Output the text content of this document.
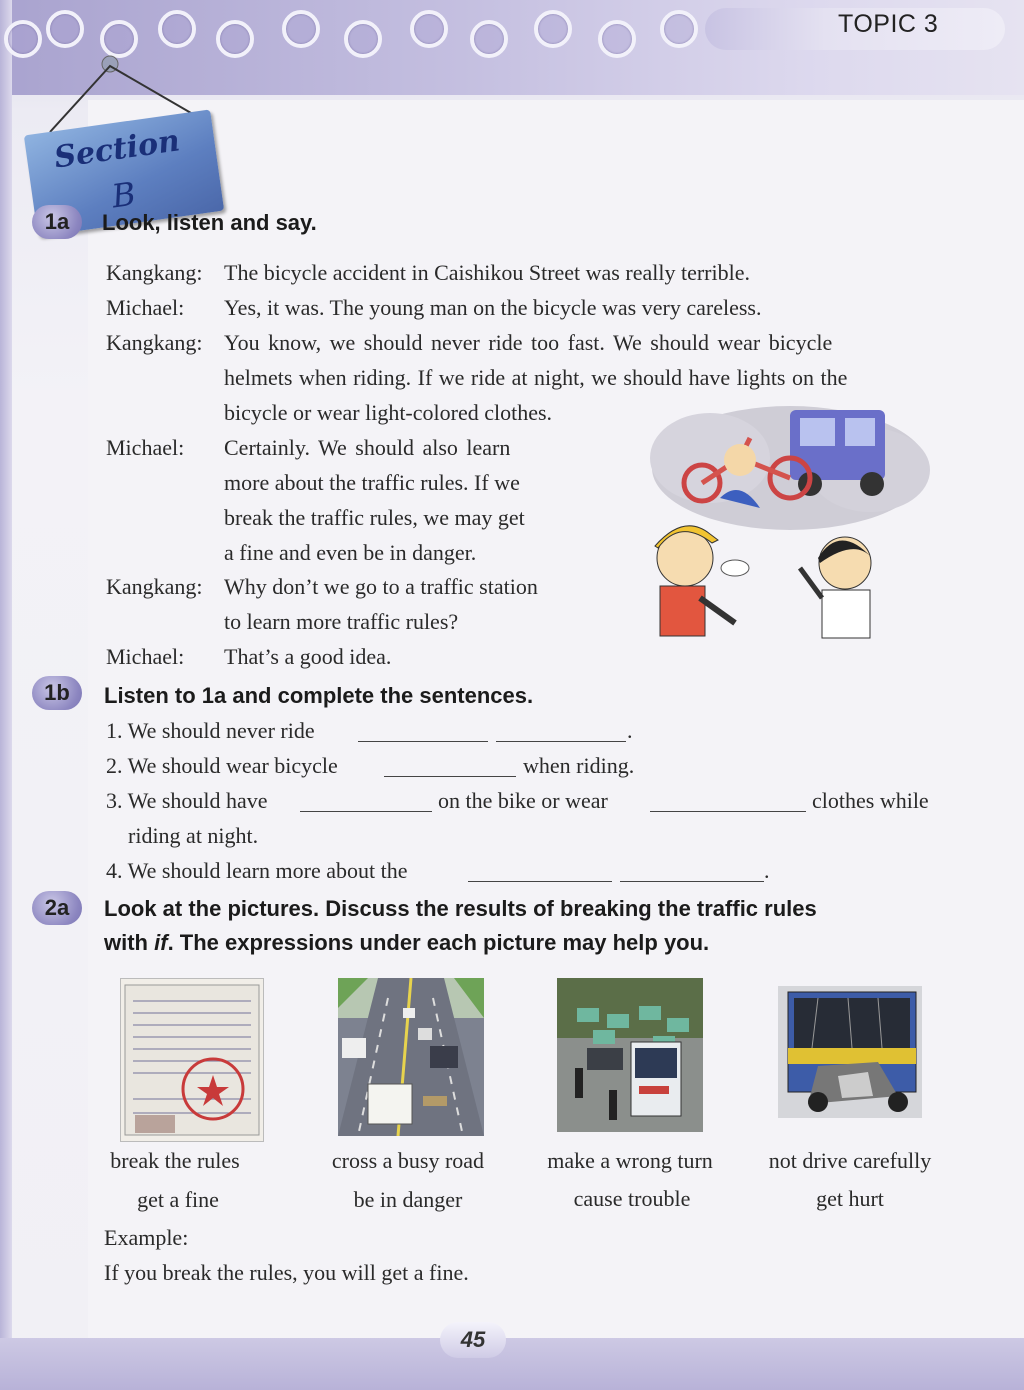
TOPIC 3
Section
B
1a	Look, listen and say.
Kangkang: The bicycle accident in Caishikou Street was really terrible.
Michael: Yes, it was. The young man on the bicycle was very careless.
Kangkang: You know, we should never ride too fast. We should wear bicycle
helmets when riding. If we ride at night, we should have lights on the
bicycle or wear light-colored clothes.
Michael: Certainly. We should also learn
more about the traffic rules. If we
break the traffic rules, we may get
a fine and even be in danger.
Kangkang: Why don’t we go to a traffic station
to learn more traffic rules?
Michael: That’s a good idea.
1b	Listen to 1a and complete the sentences.
1. We should never ride	.
2. We should wear bicycle	when riding.
3. We should have	on the bike or wear	clothes while
riding at night.
4. We should learn more about the	.
2a	Look at the pictures. Discuss the results of breaking the traffic rules
with if. The expressions under each picture may help you.
break the rules
get a fine
cross a busy road
be in danger
make a wrong turn
cause trouble
not drive carefully
get hurt
Example:
If you break the rules, you will get a fine.
45
